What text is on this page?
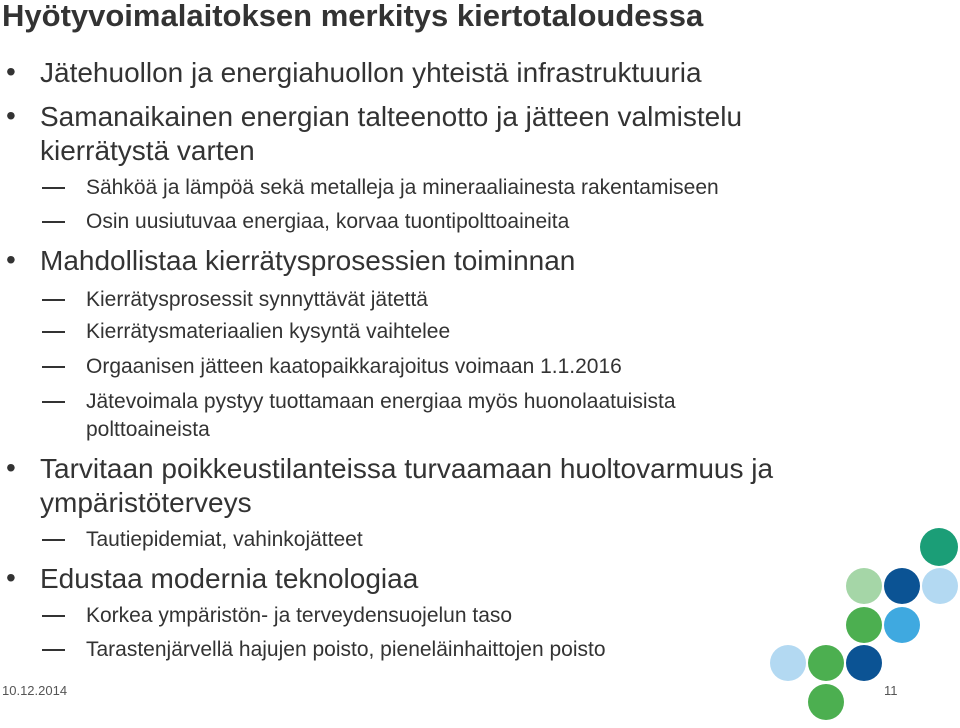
Hyötyvoimalaitoksen merkitys kiertotaloudessa
• Jätehuollon ja energiahuollon yhteistä infrastruktuuria
• Samanaikainen energian talteenotto ja jätteen valmistelu
kierrätystä varten
Sähköä ja lämpöä sekä metalleja ja mineraaliainesta rakentamiseen
Osin uusiutuvaa energiaa, korvaa tuontipolttoaineita
• Mahdollistaa kierrätysprosessien toiminnan
Kierrätysprosessit synnyttävät jätettä
Kierrätysmateriaalien kysyntä vaihtelee
Orgaanisen jätteen kaatopaikkarajoitus voimaan 1.1.2016
Jätevoimala pystyy tuottamaan energiaa myös huonolaatuisista
polttoaineista
• Tarvitaan poikkeustilanteissa turvaamaan huoltovarmuus ja
ympäristöterveys
Tautiepidemiat, vahinkojätteet
• Edustaa modernia teknologiaa
Korkea ympäristön- ja terveydensuojelun taso
Tarastenjärvellä hajujen poisto, pieneläinhaittojen poisto
10.12.2014	11
